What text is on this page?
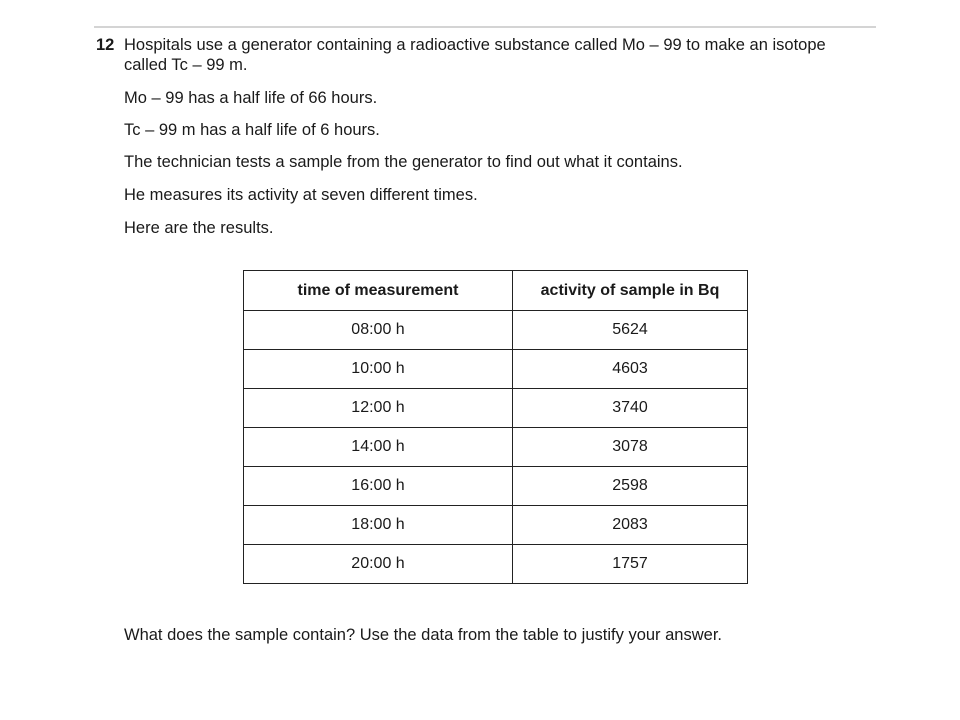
12 Hospitals use a generator containing a radioactive substance called Mo – 99 to make an isotope
called Tc – 99 m.
Mo – 99 has a half life of 66 hours.
Tc – 99 m has a half life of 6 hours.
The technician tests a sample from the generator to find out what it contains.
He measures its activity at seven different times.
Here are the results.
time of measurement	activity of sample in Bq
08:00 h	5624
10:00 h	4603
12:00 h	3740
14:00 h	3078
16:00 h	2598
18:00 h	2083
20:00 h	1757
What does the sample contain? Use the data from the table to justify your answer.
